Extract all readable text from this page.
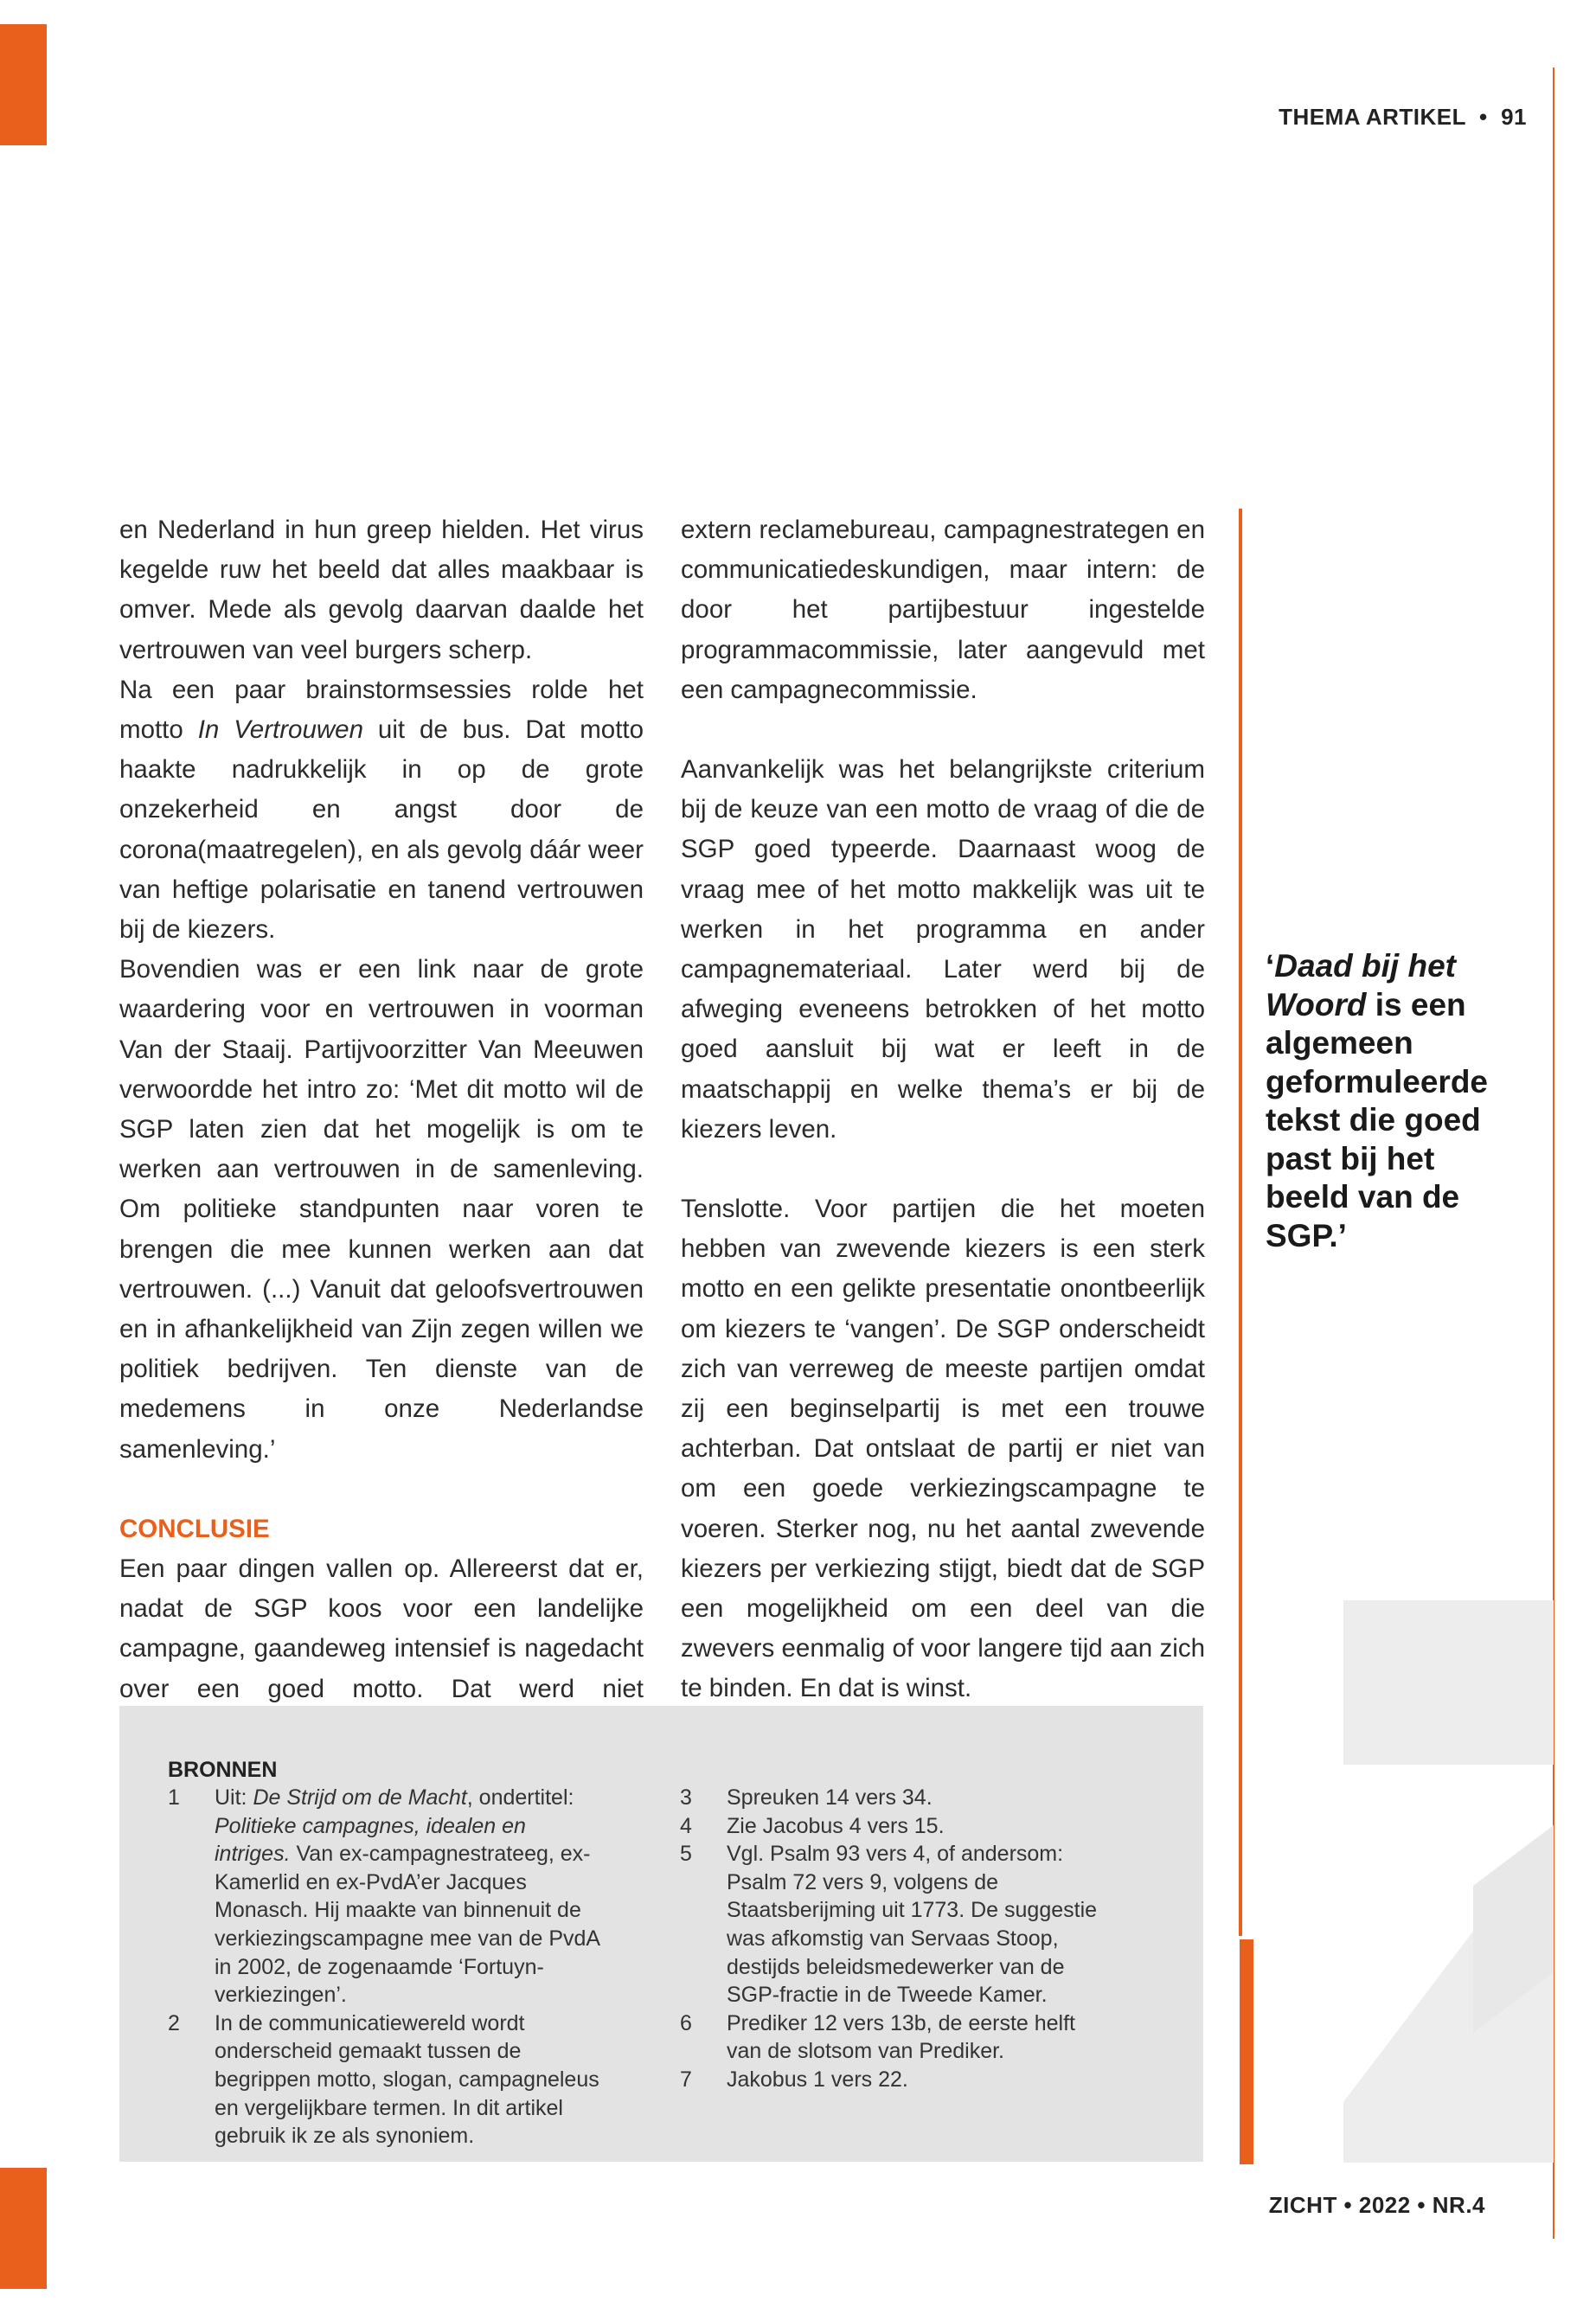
THEMA ARTIKEL  •  91

en Nederland in hun greep hielden. Het virus kegelde ruw het beeld dat alles maakbaar is omver. Mede als gevolg daarvan daalde het vertrouwen van veel burgers scherp.

Na een paar brainstormsessies rolde het motto In Vertrouwen uit de bus. Dat motto haakte nadrukkelijk in op de grote onzekerheid en angst door de corona(maatregelen), en als gevolg dáár weer van heftige polarisatie en tanend vertrouwen bij de kiezers.

Bovendien was er een link naar de grote waardering voor en vertrouwen in voorman Van der Staaij. Partijvoorzitter Van Meeuwen verwoordde het intro zo: ‘Met dit motto wil de SGP laten zien dat het mogelijk is om te werken aan vertrouwen in de samenleving. Om politieke standpunten naar voren te brengen die mee kunnen werken aan dat vertrouwen. (...) Vanuit dat geloofsvertrouwen en in afhankelijkheid van Zijn zegen willen we politiek bedrijven. Ten dienste van de medemens in onze Nederlandse samenleving.’

CONCLUSIE

Een paar dingen vallen op. Allereerst dat er, nadat de SGP koos voor een landelijke campagne, gaandeweg intensief is nagedacht over een goed motto. Dat werd niet

extern reclamebureau, campagnestrategen en communicatiedeskundigen, maar intern: de door het partijbestuur ingestelde programmacommissie, later aangevuld met een campagnecommissie.

Aanvankelijk was het belangrijkste criterium bij de keuze van een motto de vraag of die de SGP goed typeerde. Daarnaast woog de vraag mee of het motto makkelijk was uit te werken in het programma en ander campagnemateriaal. Later werd bij de afweging eveneens betrokken of het motto goed aansluit bij wat er leeft in de maatschappij en welke thema’s er bij de kiezers leven.

Tenslotte. Voor partijen die het moeten hebben van zwevende kiezers is een sterk motto en een gelikte presentatie onontbeerlijk om kiezers te ‘vangen’. De SGP onderscheidt zich van verreweg de meeste partijen omdat zij een beginselpartij is met een trouwe achterban. Dat ontslaat de partij er niet van om een goede verkiezingscampagne te voeren. Sterker nog, nu het aantal zwevende kiezers per verkiezing stijgt, biedt dat de SGP een mogelijkheid om een deel van die zwevers eenmalig of voor langere tijd aan zich te binden. En dat is winst.

‘Daad bij het Woord is een algemeen geformuleerde tekst die goed past bij het beeld van de SGP.’
BRONNEN
1	Uit: De Strijd om de Macht, ondertitel: Politieke campagnes, idealen en intriges. Van ex-campagnestrateeg, ex-Kamerlid en ex-PvdA’er Jacques Monasch. Hij maakte van binnenuit de verkiezingscampagne mee van de PvdA in 2002, de zogenaamde ‘Fortuyn-verkiezingen’.
2	In de communicatiewereld wordt onderscheid gemaakt tussen de begrippen motto, slogan, campagneleus en vergelijkbare termen. In dit artikel gebruik ik ze als synoniem.
3	Spreuken 14 vers 34.
4	Zie Jacobus 4 vers 15.
5	Vgl. Psalm 93 vers 4, of andersom: Psalm 72 vers 9, volgens de Staatsberijming uit 1773. De suggestie was afkomstig van Servaas Stoop, destijds beleidsmedewerker van de SGP-fractie in de Tweede Kamer.
6	Prediker 12 vers 13b, de eerste helft van de slotsom van Prediker.
7	Jakobus 1 vers 22.
ZICHT • 2022 • NR.4
